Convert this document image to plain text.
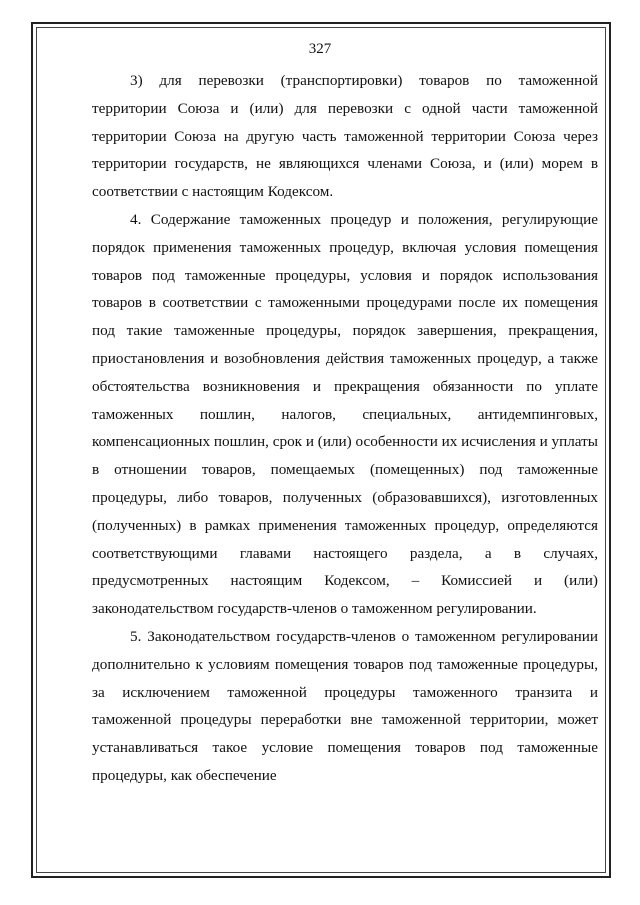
327

3) для перевозки (транспортировки) товаров по таможенной территории Союза и (или) для перевозки с одной части таможенной территории Союза на другую часть таможенной территории Союза через территории государств, не являющихся членами Союза, и (или) морем в соответствии с настоящим Кодексом.

4. Содержание таможенных процедур и положения, регулирующие порядок применения таможенных процедур, включая условия помещения товаров под таможенные процедуры, условия и порядок использования товаров в соответствии с таможенными процедурами после их помещения под такие таможенные процедуры, порядок завершения, прекращения, приостановления и возобновления действия таможенных процедур, а также обстоятельства возникновения и прекращения обязанности по уплате таможенных пошлин, налогов, специальных, антидемпинговых, компенсационных пошлин, срок и (или) особенности их исчисления и уплаты в отношении товаров, помещаемых (помещенных) под таможенные процедуры, либо товаров, полученных (образовавшихся), изготовленных (полученных) в рамках применения таможенных процедур, определяются соответствующими главами настоящего раздела, а в случаях, предусмотренных настоящим Кодексом, – Комиссией и (или) законодательством государств-членов о таможенном регулировании.

5. Законодательством государств-членов о таможенном регулировании дополнительно к условиям помещения товаров под таможенные процедуры, за исключением таможенной процедуры таможенного транзита и таможенной процедуры переработки вне таможенной территории, может устанавливаться такое условие помещения товаров под таможенные процедуры, как обеспечение
